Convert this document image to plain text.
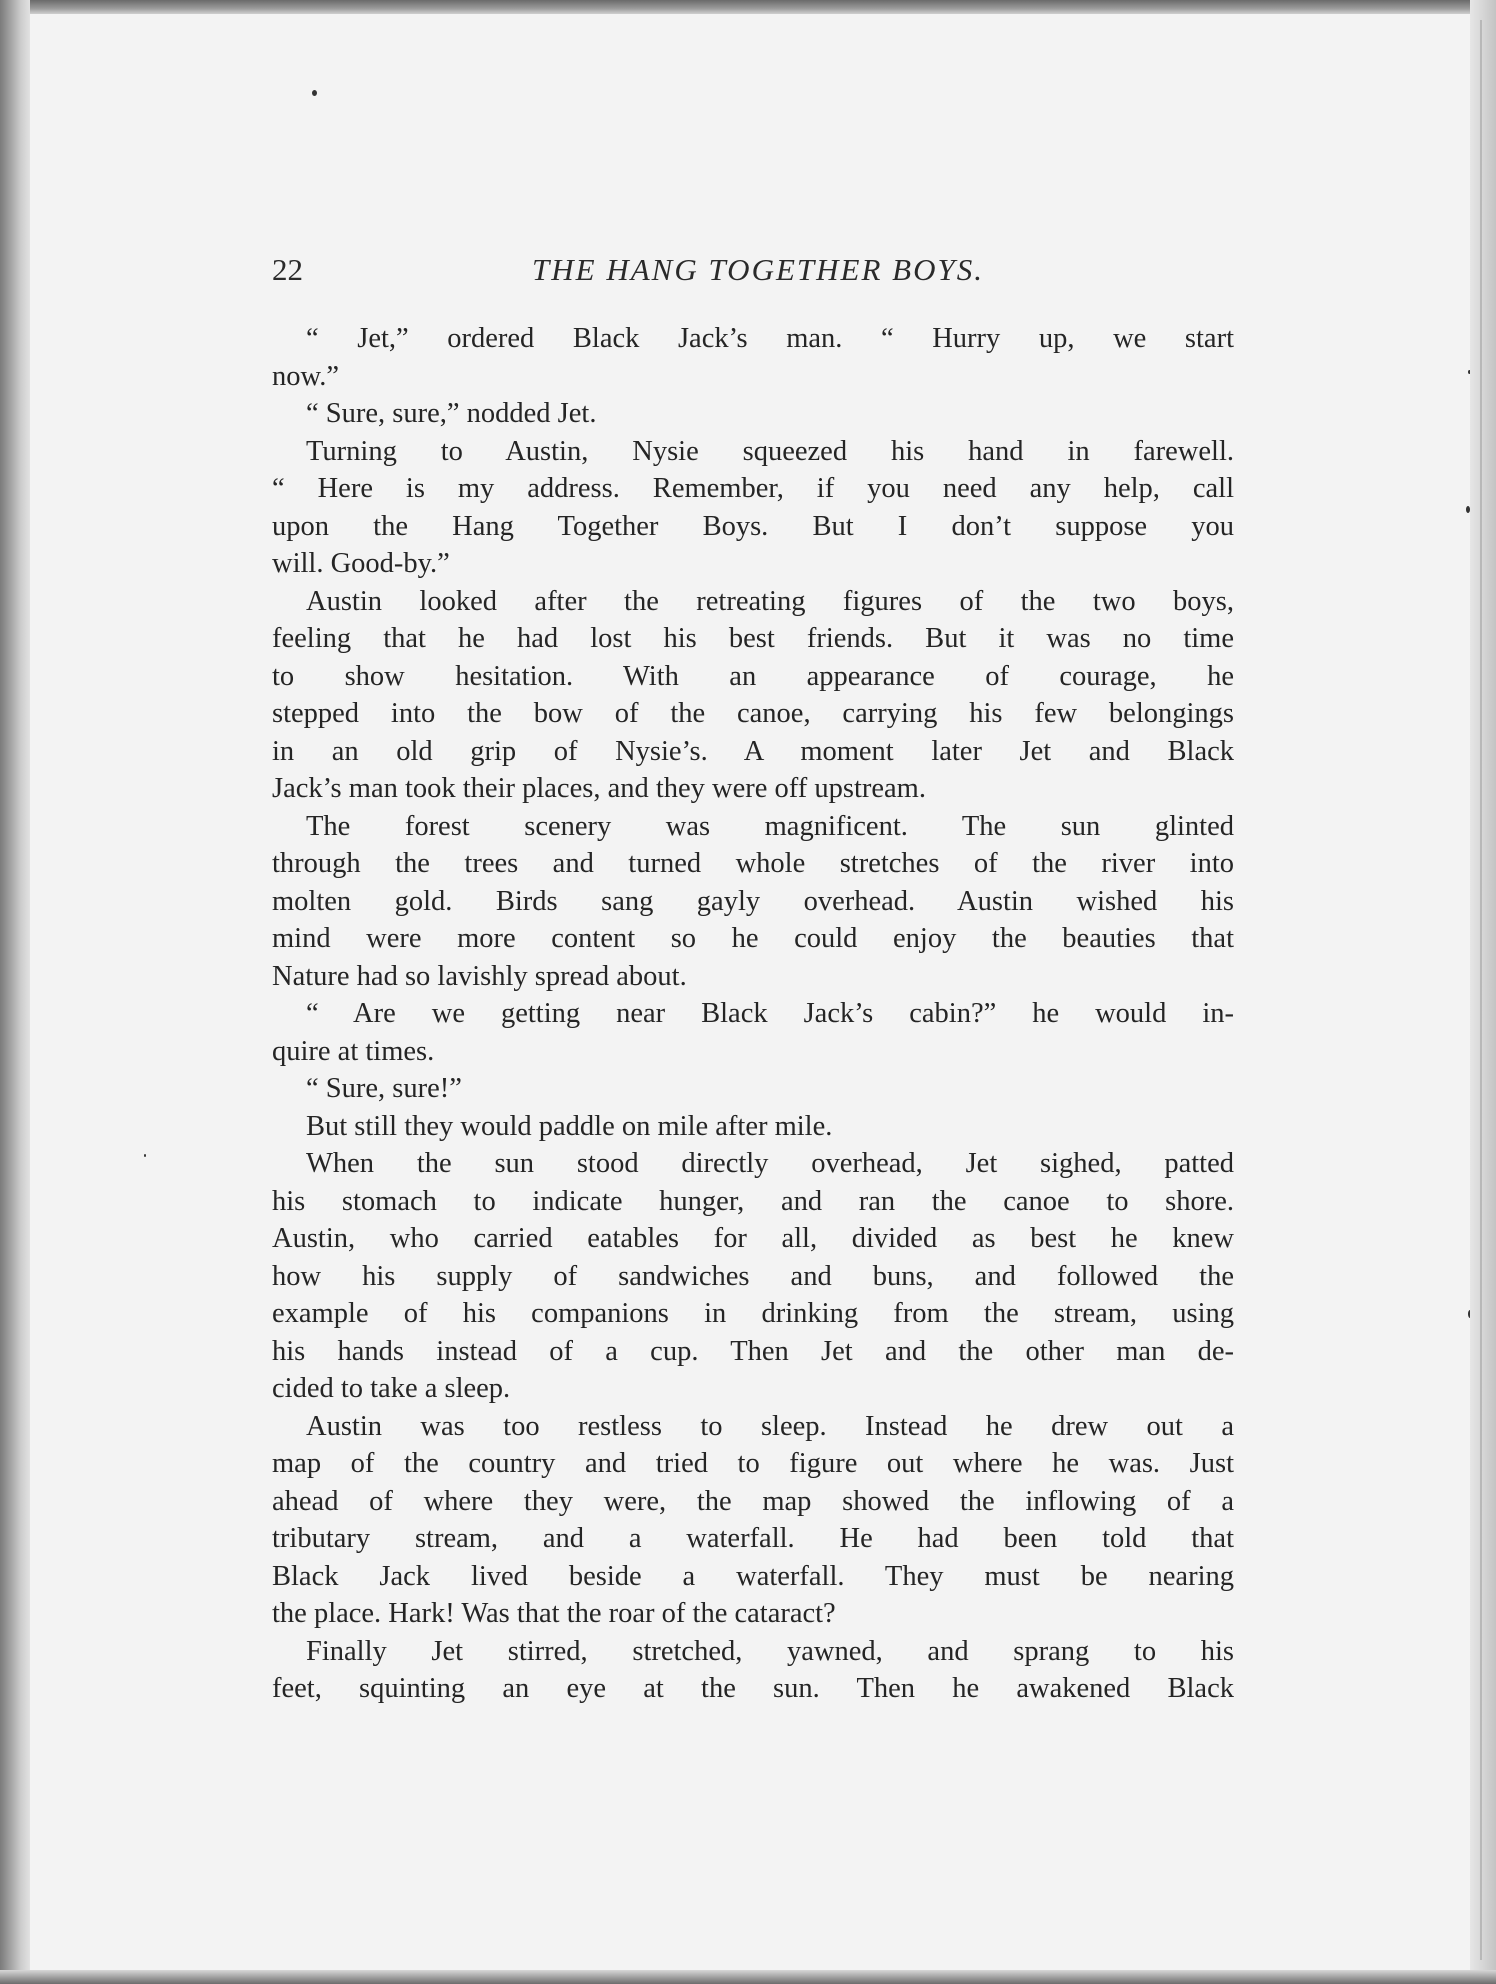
22	THE HANG TOGETHER BOYS.
“ Jet,” ordered Black Jack’s man. “ Hurry up, we start
now.”
“ Sure, sure,” nodded Jet.
Turning to Austin, Nysie squeezed his hand in farewell.
“ Here is my address. Remember, if you need any help, call
upon the Hang Together Boys. But I don’t suppose you
will. Good-by.”
Austin looked after the retreating figures of the two boys,
feeling that he had lost his best friends. But it was no time
to show hesitation. With an appearance of courage, he
stepped into the bow of the canoe, carrying his few belongings
in an old grip of Nysie’s. A moment later Jet and Black
Jack’s man took their places, and they were off upstream.
The forest scenery was magnificent. The sun glinted
through the trees and turned whole stretches of the river into
molten gold. Birds sang gayly overhead. Austin wished his
mind were more content so he could enjoy the beauties that
Nature had so lavishly spread about.
“ Are we getting near Black Jack’s cabin?” he would in-
quire at times.
“ Sure, sure!”
But still they would paddle on mile after mile.
When the sun stood directly overhead, Jet sighed, patted
his stomach to indicate hunger, and ran the canoe to shore.
Austin, who carried eatables for all, divided as best he knew
how his supply of sandwiches and buns, and followed the
example of his companions in drinking from the stream, using
his hands instead of a cup. Then Jet and the other man de-
cided to take a sleep.
Austin was too restless to sleep. Instead he drew out a
map of the country and tried to figure out where he was. Just
ahead of where they were, the map showed the inflowing of a
tributary stream, and a waterfall. He had been told that
Black Jack lived beside a waterfall. They must be nearing
the place. Hark! Was that the roar of the cataract?
Finally Jet stirred, stretched, yawned, and sprang to his
feet, squinting an eye at the sun. Then he awakened Black
